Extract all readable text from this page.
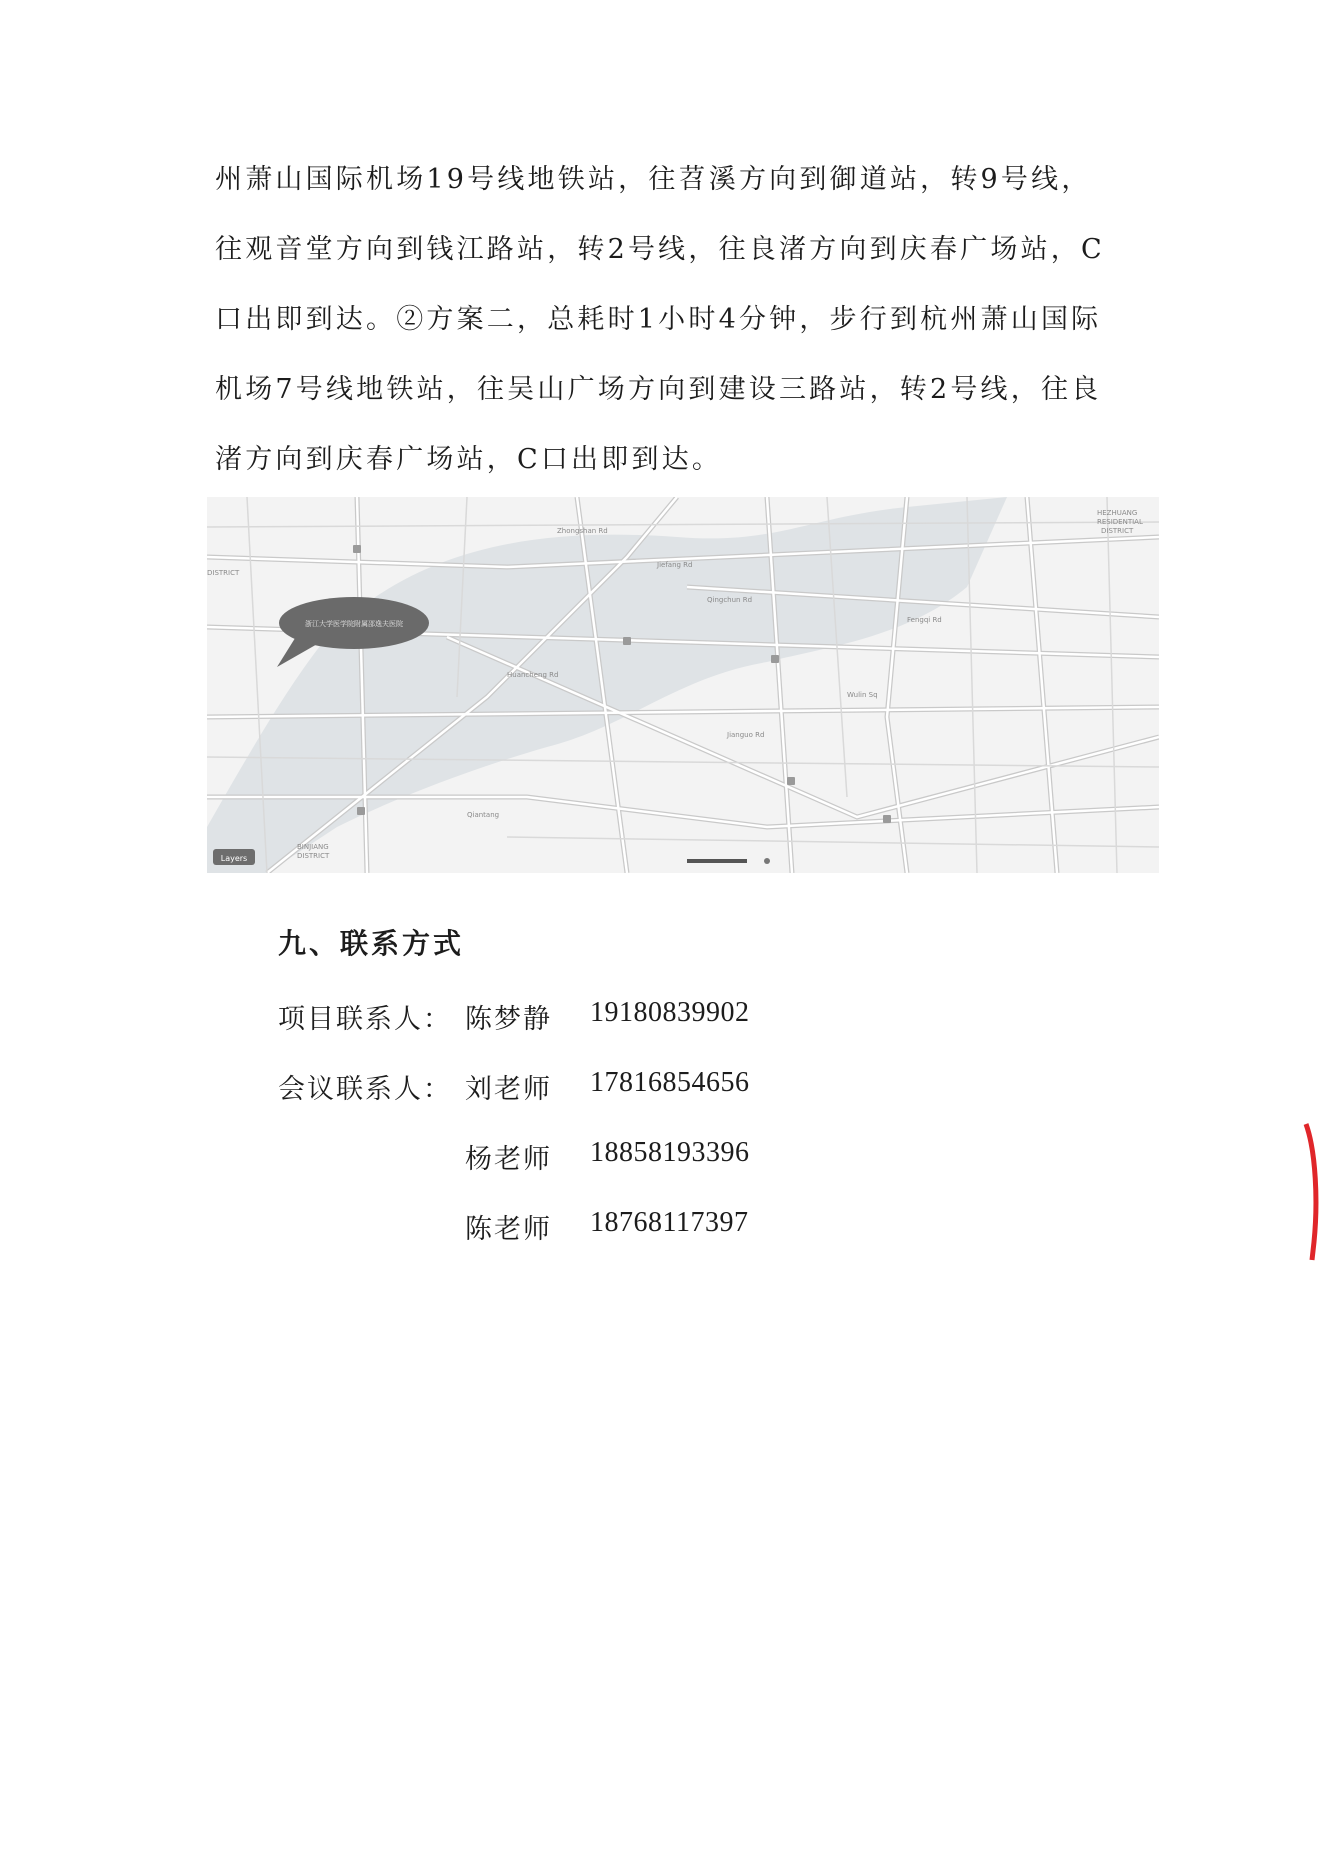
州萧山国际机场19号线地铁站，往苕溪方向到御道站，转9号线，
往观音堂方向到钱江路站，转2号线，往良渚方向到庆春广场站，C
口出即到达。②方案二，总耗时1小时4分钟，步行到杭州萧山国际
机场7号线地铁站，往吴山广场方向到建设三路站，转2号线，往良
渚方向到庆春广场站，C口出即到达。
HEZHUANG
RESIDENTIAL
DISTRICT
DISTRICT
BINJIANG
DISTRICT
Zhongshan Rd
Jiefang Rd
Qingchun Rd
Fengqi Rd
Huancheng Rd
Jianguo Rd
Wulin Sq
Qiantang
浙江大学医学院附属邵逸夫医院
Layers
九、联系方式
项目联系人： 陈梦静 19180839902
会议联系人： 刘老师 17816854656
杨老师 18858193396
陈老师 18768117397
